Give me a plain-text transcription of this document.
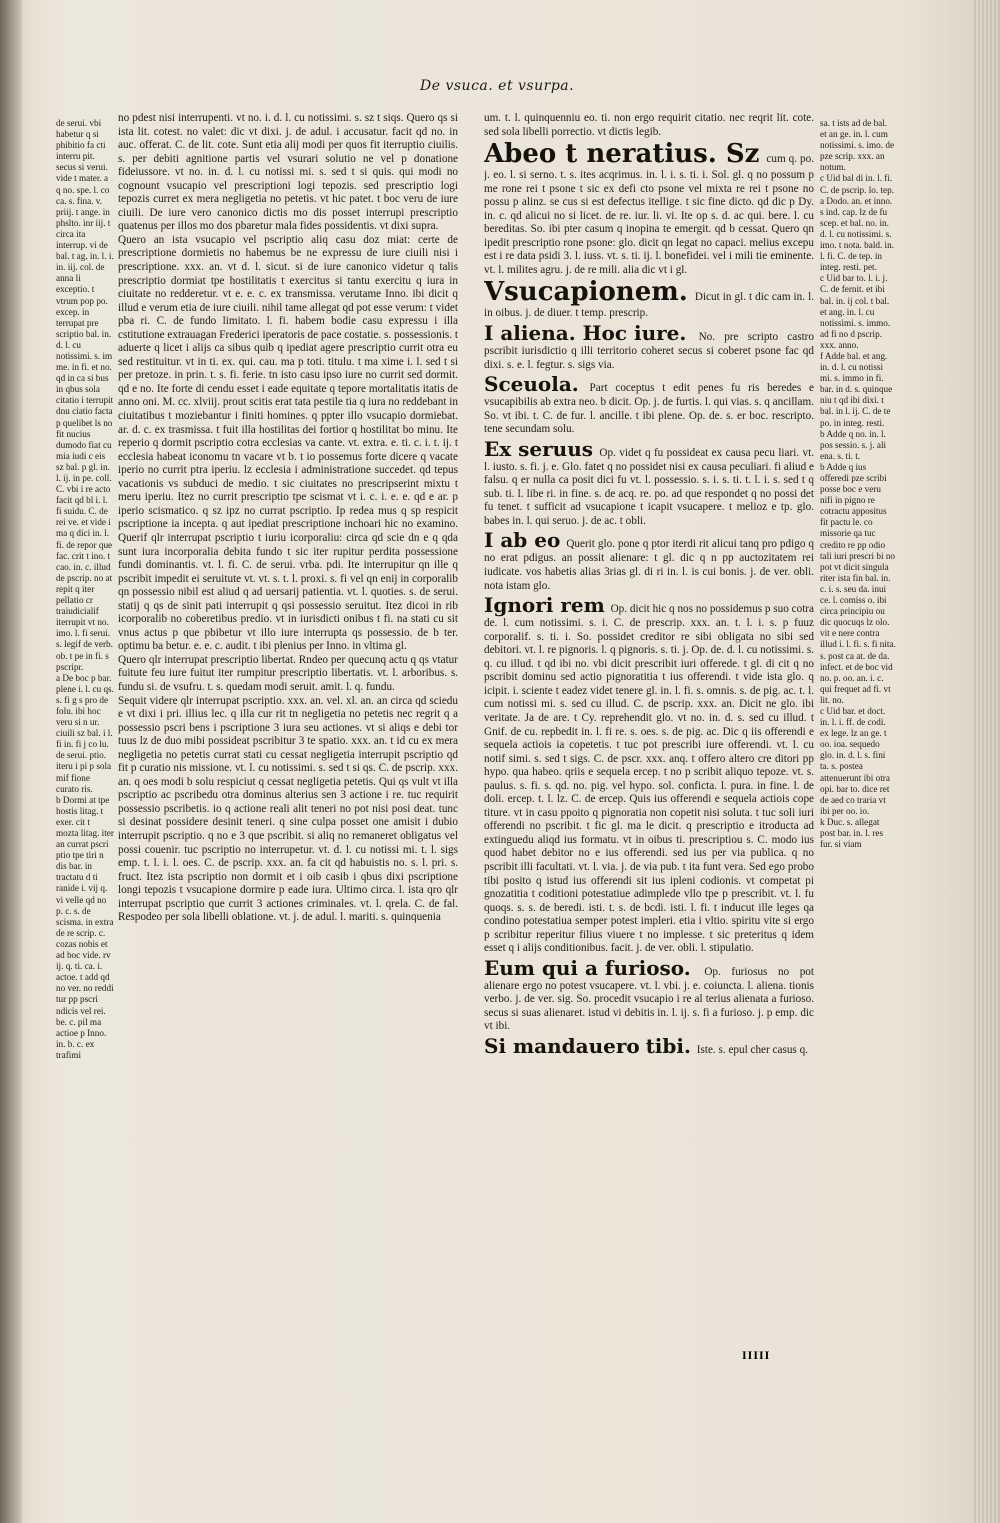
De vsuca. et vsurpa.

de serui. vbi habetur q si phibitio fa cti interru pit. secus si verui. vide t mater. a q no. spe. l. co ca. s. fina. v. priij. t ange. in phslto. inr iij. t circa ita interrup. vi de bal. t ag. in. l. i. in. iij. col. de anna li exceptio. t vtrum pop po. excep. in terrupat pre scriptio bal. in. d. l. cu notissimi. s. im me. in fi. et no. qd in ca si bus in qbus sola citatio i terrupit dnu ciatio facta p quelibet ls no fit nucius dumodo fiat cu mia iudi c eis sz bal. p gl. in. l. ij. in pe. coll. C. vbi i re acto facit qd bl i. l. fi suidu. C. de rei ve. et vide i ma q dici in. l. fi. de repor que fac. crit t ino. t cao. in. c. illud de pscrip. no at repit q iter pellatio cr traiudicialif iterrupit vt no. imo. l. fi serui. s. legif de verb. ob. t pe in fi. s pscripr.

a De boc p bar. plene i. l. cu qs. s. fi g s pro de folu. ibi hoc veru si n ur. ciuili sz bal. i l. fi in. fi j co lu. de serui. ptio. iteru i pi p sola mif fione curato ris.

b Dormi at tpe hostis litag. t exer. cit t mozta litag. iter an currat pscri ptio tpe tiri n dis bar. in tractatu d ti ranide i. vij q. vi velle qd no p. c. s. de scisma. in extra de re scrip. c. cozas nobis et ad boc vide. rv ij. q. ti. ca. i. actoe. t add qd no ver. no reddi tur pp pscri ndicis vel rei. be. c. pil ma actioe p Inno. in. b. c. ex trafimi

no pdest nisi interrupenti. vt no. i. d. l. cu notissimi. s. sz t siqs. Quero qs si ista lit. cotest. no valet: dic vt dixi. j. de adul. i accusatur. facit qd no. in auc. offerat. C. de lit. cote. Sunt etia alij modi per quos fit iterruptio ciuilis. s. per debiti agnitione partis vel vsurari solutio ne vel p donatione fideiussore. vt no. in. d. l. cu notissi mi. s. sed t si quis. qui modi no cognount vsucapio vel prescriptioni logi tepozis. sed prescriptio logi tepozis curret ex mera negligetia no petetis. vt hic patet. t boc veru de iure ciuili. De iure vero canonico dictis mo dis posset interrupi prescriptio quatenus per illos mo dos pbaretur mala fides possidentis. vt dixi supra.

Quero an ista vsucapio vel pscriptio aliq casu doz miat: certe de prescriptione dormietis no habemus be ne expressu de iure ciuili nisi i prescriptione. xxx. an. vt d. l. sicut. si de iure canonico videtur q talis prescriptio dormiat tpe hostilitatis t exercitus si tantu exercitu q iura in ciuitate no redderetur. vt e. e. c. ex transmissa. verutame Inno. ibi dicit q illud e verum etia de iure ciuili. nihil tame allegat qd pot esse verum: t videt pba ri. C. de fundo limitato. l. fi. habem bodie casu expressu i illa cstitutione extrauagan Frederici iperatoris de pace costatie. s. possessionis. t aduerte q licet i alijs ca sibus quib q ipediat agere prescriptio currit otra eu sed restituitur. vt in ti. ex. qui. cau. ma p toti. titulu. t ma xime i. l. sed t si per pretoze. in prin. t. s. fi. ferie. tn isto casu ipso iure no currit sed dormit. qd e no. Ite forte di cendu esset i eade equitate q tepore mortalitatis itatis de anno oni. M. cc. xlviij. prout scitis erat tata pestile tia q iura no reddebant in ciuitatibus t moziebantur i finiti homines. q ppter illo vsucapio dormiebat. ar. d. c. ex trasmissa. t fuit illa hostilitas dei fortior q hostilitat bo minu. Ite reperio q dormit pscriptio cotra ecclesias va cante. vt. extra. e. ti. c. i. t. ij. t ecclesia habeat iconomu tn vacare vt b. t io possemus forte dicere q vacate iperio no currit ptra iperiu. lz ecclesia i administratione succedet. qd tepus vacationis vs subduci de medio. t sic ciuitates no prescripserint mixtu t meru iperiu. Itez no currit prescriptio tpe scismat vt i. c. i. e. e. qd e ar. p iperio scismatico. q sz ipz no currat pscriptio. Ip redea mus q sp respicit pscriptione ia incepta. q aut ipediat prescriptione inchoari hic no examino. Querif qlr interrupat pscriptio t iuriu icorporaliu: circa qd scie dn e q qda sunt iura incorporalia debita fundo t sic iter rupitur perdita possessione fundi dominantis. vt. l. fi. C. de serui. vrba. pdi. Ite interrupitur qn ille q pscribit impedit ei seruitute vt. vt. s. t. l. proxi. s. fi vel qn enij in corporalib qn possessio nibil est aliud q ad uersarij patientia. vt. l. quoties. s. de serui. statij q qs de sinit pati interrupit q qsi possessio seruitut. Itez dicoi in rib icorporalib no coberetibus predio. vt in iurisdicti onibus t fi. na stati cu sit vnus actus p que pbibetur vt illo iure interrupta qs possessio. de b ter. optimu ba betur. e. e. c. audit. t ibi plenius per Inno. in vltima gl.

Quero qlr interrupat prescriptio libertat. Rndeo per quecunq actu q qs vtatur fuitute feu iure fuitut iter rumpitur prescriptio libertatis. vt. l. arboribus. s. fundu si. de vsufru. t. s. quedam modi seruit. amit. l. q. fundu.

Sequit videre qlr interrupat pscriptio. xxx. an. vel. xl. an. an circa qd sciedu e vt dixi i pri. illius lec. q illa cur rit tn negligetia no petetis nec regrit q a possessio pscri bens i pscriptione 3 iura seu actiones. vt si aliqs e debi tor tuus lz de duo mibi possideat pscribitur 3 te spatio. xxx. an. t id cu ex mera negligetia no petetis currat stati cu cessat negligetia interrupit pscriptio qd fit p curatio nis missione. vt. l. cu notissimi. s. sed t si qs. C. de pscrip. xxx. an. q oes modi b solu respiciut q cessat negligetia petetis. Qui qs vult vt illa pscriptio ac pscribedu otra dominus alterius sen 3 actione i re. tuc requirit possessio pscribetis. io q actione reali alit teneri no pot nisi posi deat. tunc si desinat possidere desinit teneri. q sine culpa posset one amisit i dubio interrupit pscriptio. q no e 3 que pscribit. si aliq no remaneret obligatus vel possi couenir. tuc pscriptio no interrupetur. vt. d. l. cu notissi mi. t. l. sigs emp. t. l. i. l. oes. C. de pscrip. xxx. an. fa cit qd habuistis no. s. l. pri. s. fruct. Itez ista pscriptio non dormit et i oib casib i qbus dixi pscriptione longi tepozis t vsucapione dormire p eade iura. Ultimo circa. l. ista qro qlr interrupat pscriptio que currit 3 actiones criminales. vt. l. qrela. C. de fal. Respodeo per sola libelli oblatione. vt. j. de adul. l. mariti. s. quinquenia

um. t. l. quinquenniu eo. ti. non ergo requirit citatio. nec reqrit lit. cote. sed sola libelli porrectio. vt dictis legib.

Abeo t neratius. Sz cum q. po. j. eo. l. si serno. t. s. ites acqrimus. in. l. i. s. ti. i. Sol. gl. q no possum p me rone rei t psone t sic ex defi cto psone vel mixta re rei t psone no possu p alinz. se cus si est defectus itellige. t sic fine dicto. qd dic p Dy. in. c. qd alicui no si licet. de re. iur. li. vi. Ite op s. d. ac qui. bere. l. cu bereditas. So. ibi pter casum q inopina te emergit. qd b cessat. Quero qn ipedit prescriptio rone psone: glo. dicit qn legat no capaci. melius excepu est i re data psidi 3. l. iuss. vt. s. ti. ij. l. bonefidei. vel i mili tie eminente. vt. l. milites agru. j. de re mili. alia dic vt i gl.

Vsucapionem. Dicut in gl. t dic cam in. l. in oibus. j. de diuer. t temp. prescrip.

I aliena. Hoc iure. No. pre scripto castro pscribit iurisdictio q illi territorio coheret secus si coberet psone fac qd dixi. s. e. l. fegtur. s. sigs via.

Sceuola. Part coceptus t edit penes fu ris beredes e vsucapibilis ab extra neo. b dicit. Op. j. de furtis. l. qui vias. s. q ancillam. So. vt ibi. t. C. de fur. l. ancille. t ibi plene. Op. de. s. er boc. rescripto. tene secundam solu.

Ex seruus Op. videt q fu possideat ex causa pecu liari. vt. l. iusto. s. fi. j. e. Glo. fatet q no possidet nisi ex causa peculiari. fi aliud e falsu. q er nulla ca posit dici fu vt. l. possessio. s. i. s. ti. t. l. i. s. sed t q sub. ti. l. libe ri. in fine. s. de acq. re. po. ad que respondet q no possi det fu tenet. t sufficit ad vsucapione t icapit vsucapere. t melioz e tp. glo. babes in. l. qui seruo. j. de ac. t obli.

I ab eo Querit glo. pone q ptor iterdi rit alicui tanq pro pdigo q no erat pdigus. an possit alienare: t gl. dic q n pp auctozitatem rei iudicate. vos habetis alias 3rias gl. di ri in. l. is cui bonis. j. de ver. obli. nota istam glo.

Ignori rem Op. dicit hic q nos no possidemus p suo cotra de. l. cum notissimi. s. i. C. de prescrip. xxx. an. t. l. i. s. p fuuz corporalif. s. ti. i. So. possidet creditor re sibi obligata no sibi sed debitori. vt. l. re pignoris. l. q pignoris. s. ti. j. Op. de. d. l. cu notissimi. s. q. cu illud. t qd ibi no. vbi dicit prescribit iuri offerede. t gl. di cit q no pscribit dominu sed actio pignoratitia t ius offerendi. t vide ista glo. q icipit. i. sciente t eadez videt tenere gl. in. l. fi. s. omnis. s. de pig. ac. t. l. cum notissi mi. s. sed cu illud. C. de pscrip. xxx. an. Dicit ne glo. ibi veritate. Ja de are. t Cy. reprehendit glo. vt no. in. d. s. sed cu illud. t Gnif. de cu. repbedit in. l. fi re. s. oes. s. de pig. ac. Dic q iis offerendi e sequela actiois ia copetetis. t tuc pot prescribi iure offerendi. vt. l. cu notif simi. s. sed t sigs. C. de pscr. xxx. anq. t offero altero cre ditori pp hypo. qua habeo. qriis e sequela ercep. t no p scribit aliquo tepoze. vt. s. paulus. s. fi. s. qd. no. pig. vel hypo. sol. conficta. l. pura. in fine. l. de doli. ercep. t. l. lz. C. de ercep. Quis ius offerendi e sequela actiois cope titure. vt in casu ppoito q pignoratia non copetit nisi soluta. t tuc soli iuri offerendi no pscribit. t fic gl. ma le dicit. q prescriptio e itroducta ad extinguedu aliqd ius formatu. vt in oibus ti. prescriptiou s. C. modo ius quod habet debitor no e ius offerendi. sed ius per via publica. q no pscribit illi facultati. vt. l. via. j. de via pub. t ita funt vera. Sed ego probo tibi posito q istud ius offerendi sit ius ipleni codionis. vt competat pi gnozatitia t coditioni potestatiue adimplede vllo tpe p prescribit. vt. l. fu quoqs. s. s. de beredi. isti. t. s. de bcdi. isti. l. fi. t inducut ille leges qa condino potestatiua semper potest impleri. etia i vltio. spiritu vite si ergo p scribitur reperitur filius viuere t no implesse. t sic preteritus q idem esset q i alijs conditionibus. facit. j. de ver. obli. l. stipulatio.

Eum qui a furioso. Op. furiosus no pot alienare ergo no potest vsucapere. vt. l. vbi. j. e. coiuncta. l. aliena. tionis verbo. j. de ver. sig. So. procedit vsucapio i re al terius alienata a furioso. secus si suas alienaret. istud vi debitis in. l. ij. s. fi a furioso. j. p emp. dic vt ibi.

Si mandauero tibi. Iste. s. epul cher casus q.

IIIII

sa. t ists ad de bal. et an ge. in. l. cum notissimi. s. imo. de pze scrip. xxx. an notum.

c Uid bal di in. l. fi. C. de pscrip. lo. tep.

a Dodo. an. et inno. s ind. cap. lz de fu scep. et bal. no. in. d. l. cu notissimi. s. imo. t nota. bald. in. l. fi. C. de tep. in integ. resti. pet.

c Uid bar to. l. i. j. C. de fernit. et ibi bal. in. ij col. t bal. et ang. in. l. cu notissimi. s. immo. ad fi no d pscrip. xxx. anno.

f Adde bal. et ang. in. d. l. cu notissi mi. s. immo in fi. bar. in d. s. quinque niu t qd ibi dixi. t bal. in l. ij. C. de te po. in integ. resti.

b Adde q no. in. l. pos sessio. s. j. ali ena. s. ti. t.

b Adde q ius offeredi pze scribi posse boc e veru nifi in pigno re cotractu appositus fit pactu le. co missorie qa tuc credito re pp odio tali iuri prescri bi no pot vt dicit singula riter ista fin bal. in. c. i. s. seu da. inui ce. l. comiss o. ibi circa principiu ou dic quocuqs lz olo. vit e nere contra illud i. l. fi. s. fi nita. s. post ca at. de da. infect. et de boc vid no. p. oo. an. i. c. qui frequet ad fi. vt lit. no.

c Uid bar. et doct. in. l. i. ff. de codi. ex lege. lz an ge. t oo. ioa. sequedo glo. in. d. l. s. fini ta. s. postea attenuerunt ibi otra opi. bar to. dice ret de aed co traria vt ibi per oo. io.

k Duc. s. allegat post bar. in. l. res fur. si viam
